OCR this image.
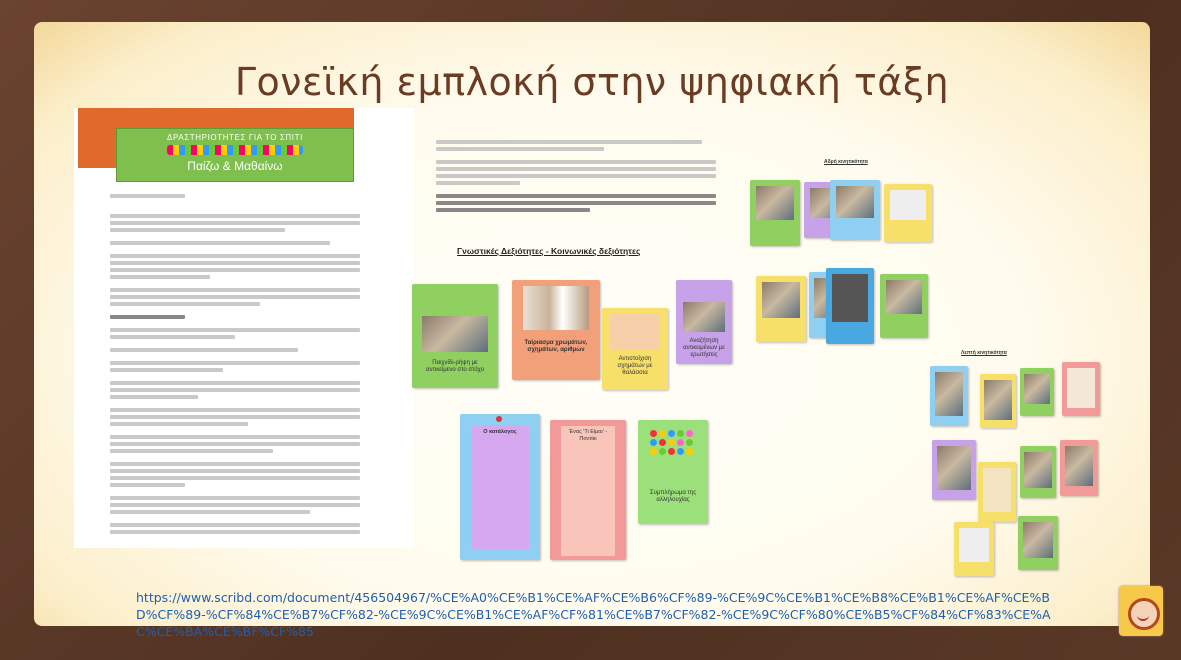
Γονεϊκή εμπλοκή στην ψηφιακή τάξη
ΔΡΑΣΤΗΡΙΟΤΗΤΕΣ ΓΙΑ ΤΟ ΣΠΙΤΙ
Παίζω & Μαθαίνω
Γνωστικές Δεξιότητες - Κοινωνικές δεξιότητες
Αδρή κινητικότητα
Λεπτή κινητικότητα
Παιχνίδι-ρήψη με αντικείμενο στο στόχο
Ταίριασμα χρωμάτων, σχημάτων, αριθμών
Αντιστοίχιση σχημάτων με θαλάσσια
Αναζήτηση αντικειμένων με ερωτήσεις
Ο κατάλογος	Ένας 'Τι Είμαι' - Ποντίκι
Συμπλήρωμα της αλληλουχίας
https://www.scribd.com/document/456504967/%CE%A0%CE%B1%CE%AF%CE%B6%CF%89-%CE%9C%CE%B1%CE%B8%CE%B1%CE%AF%CE%BD%CF%89-%CF%84%CE%B7%CF%82-%CE%9C%CE%B1%CE%AF%CF%81%CE%B7%CF%82-%CE%9C%CF%80%CE%B5%CF%84%CF%83%CE%AC%CE%BA%CE%BF%CF%85
